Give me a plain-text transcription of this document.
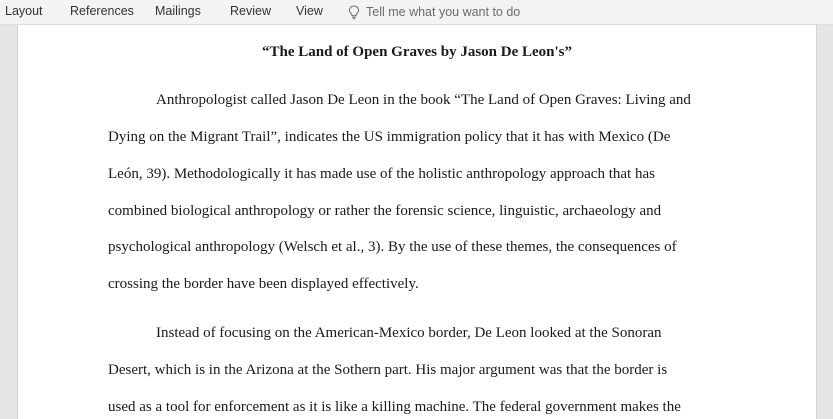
Layout References Mailings Review View	Tell me what you want to do
“The Land of Open Graves by Jason De Leon's”
Anthropologist called Jason De Leon in the book “The Land of Open Graves: Living and
Dying on the Migrant Trail”, indicates the US immigration policy that it has with Mexico (De
León, 39). Methodologically it has made use of the holistic anthropology approach that has
combined biological anthropology or rather the forensic science, linguistic, archaeology and
psychological anthropology (Welsch et al., 3). By the use of these themes, the consequences of
crossing the border have been displayed effectively.
Instead of focusing on the American-Mexico border, De Leon looked at the Sonoran
Desert, which is in the Arizona at the Sothern part. His major argument was that the border is
used as a tool for enforcement as it is like a killing machine. The federal government makes the
